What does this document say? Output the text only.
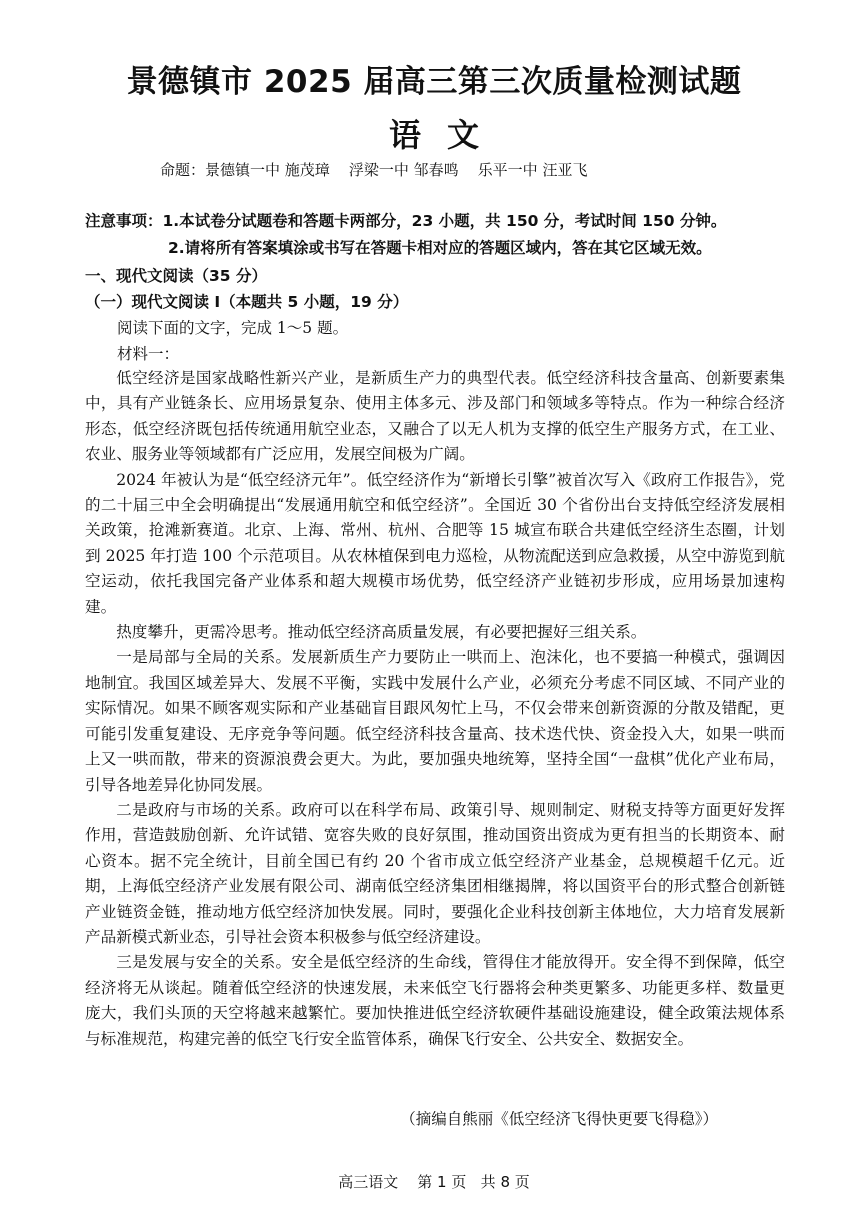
景德镇市 2025 届高三第三次质量检测试题
语文
命题：景德镇一中 施茂璋    浮梁一中 邹春鸣    乐平一中 汪亚飞
注意事项：1.本试卷分试题卷和答题卡两部分，23 小题，共 150 分，考试时间 150 分钟。
2.请将所有答案填涂或书写在答题卡相对应的答题区域内，答在其它区域无效。
一、现代文阅读（35 分）
（一）现代文阅读 I（本题共 5 小题，19 分）
阅读下面的文字，完成 1～5 题。
材料一：

低空经济是国家战略性新兴产业，是新质生产力的典型代表。低空经济科技含量高、创新要素集中，具有产业链条长、应用场景复杂、使用主体多元、涉及部门和领域多等特点。作为一种综合经济形态，低空经济既包括传统通用航空业态，又融合了以无人机为支撑的低空生产服务方式，在工业、农业、服务业等领域都有广泛应用，发展空间极为广阔。

2024 年被认为是“低空经济元年”。低空经济作为“新增长引擎”被首次写入《政府工作报告》，党的二十届三中全会明确提出“发展通用航空和低空经济”。全国近 30 个省份出台支持低空经济发展相关政策，抢滩新赛道。北京、上海、常州、杭州、合肥等 15 城宣布联合共建低空经济生态圈，计划到 2025 年打造 100 个示范项目。从农林植保到电力巡检，从物流配送到应急救援，从空中游览到航空运动，依托我国完备产业体系和超大规模市场优势，低空经济产业链初步形成，应用场景加速构建。

热度攀升，更需冷思考。推动低空经济高质量发展，有必要把握好三组关系。

一是局部与全局的关系。发展新质生产力要防止一哄而上、泡沫化，也不要搞一种模式，强调因地制宜。我国区域差异大、发展不平衡，实践中发展什么产业，必须充分考虑不同区域、不同产业的实际情况。如果不顾客观实际和产业基础盲目跟风匆忙上马，不仅会带来创新资源的分散及错配，更可能引发重复建设、无序竞争等问题。低空经济科技含量高、技术迭代快、资金投入大，如果一哄而上又一哄而散，带来的资源浪费会更大。为此，要加强央地统筹，坚持全国“一盘棋”优化产业布局，引导各地差异化协同发展。

二是政府与市场的关系。政府可以在科学布局、政策引导、规则制定、财税支持等方面更好发挥作用，营造鼓励创新、允许试错、宽容失败的良好氛围，推动国资出资成为更有担当的长期资本、耐心资本。据不完全统计，目前全国已有约 20 个省市成立低空经济产业基金，总规模超千亿元。近期，上海低空经济产业发展有限公司、湖南低空经济集团相继揭牌，将以国资平台的形式整合创新链产业链资金链，推动地方低空经济加快发展。同时，要强化企业科技创新主体地位，大力培育发展新产品新模式新业态，引导社会资本积极参与低空经济建设。

三是发展与安全的关系。安全是低空经济的生命线，管得住才能放得开。安全得不到保障，低空经济将无从谈起。随着低空经济的快速发展，未来低空飞行器将会种类更繁多、功能更多样、数量更庞大，我们头顶的天空将越来越繁忙。要加快推进低空经济软硬件基础设施建设，健全政策法规体系与标准规范，构建完善的低空飞行安全监管体系，确保飞行安全、公共安全、数据安全。

（摘编自熊丽《低空经济飞得快更要飞得稳》）
高三语文    第 1 页   共 8 页
